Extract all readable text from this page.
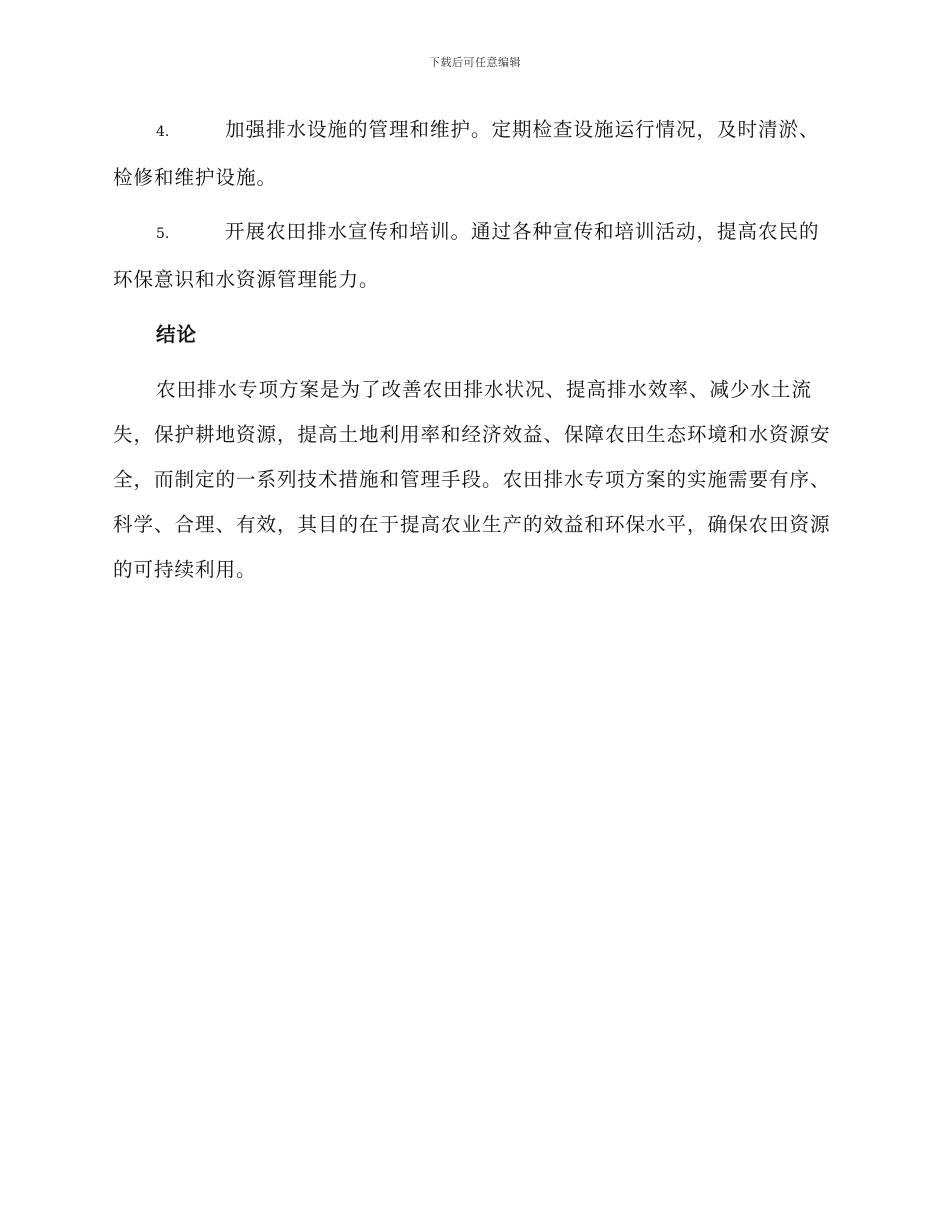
下载后可任意编辑

4.	加强排水设施的管理和维护。定期检查设施运行情况，及时清淤、检修和维护设施。

5.	开展农田排水宣传和培训。通过各种宣传和培训活动，提高农民的环保意识和水资源管理能力。

结论

农田排水专项方案是为了改善农田排水状况、提高排水效率、减少水土流失，保护耕地资源，提高土地利用率和经济效益、保障农田生态环境和水资源安全，而制定的一系列技术措施和管理手段。农田排水专项方案的实施需要有序、科学、合理、有效，其目的在于提高农业生产的效益和环保水平，确保农田资源的可持续利用。
